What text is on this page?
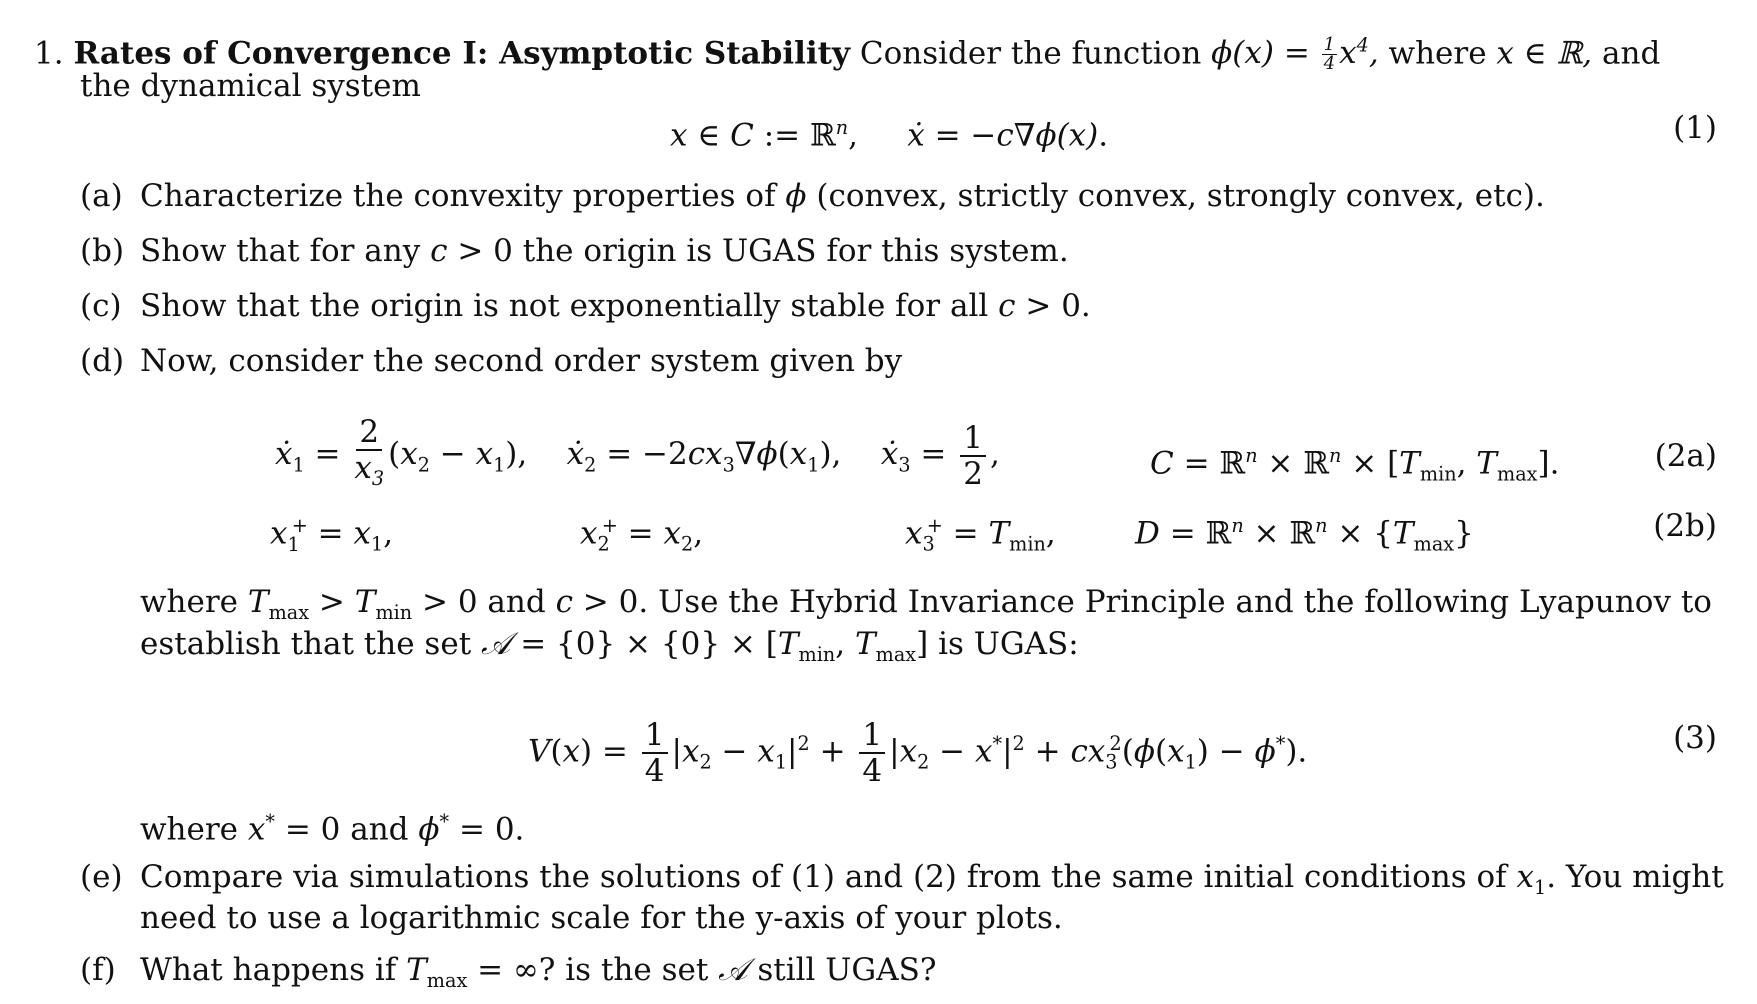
1. Rates of Convergence I: Asymptotic Stability Consider the function $\phi(x) = \frac{1}{4} x^4$, where x ∈ ℝ, and
the dynamical system
x ∈ C := ℝ$^n$,     ẋ = −c∇ϕ(x).	(1)
(a) Characterize the convexity properties of ϕ (convex, strictly convex, strongly convex, etc).
(b) Show that for any c > 0 the origin is UGAS for this system.
(c) Show that the origin is not exponentially stable for all c > 0.
(d) Now, consider the second order system given by
ẋ$_1$ = $\frac{2}{x_3} (x_2 - x_1)$,    ẋ$_2$ = $-2cx_3\nabla\phi(x_1)$,    ẋ$_3$ = $\frac{1}{2}$ ,	C = ℝ$^n$ × ℝ$^n$ × [$T_{min}$, $T_{max}$].	(2a)
$x_1^+ = x_1$,	$x_2^+ = x_2$,	$x_3^+ = T_{min}$,	D = ℝ$^n$ × ℝ$^n$ × $\{T_{max}\}$	(2b)
where $T_{max} > T_{min} > 0$ and c > 0. Use the Hybrid Invariance Principle and the following Lyapunov to
establish that the set 𝒜 = $\{0\} \times \{0\} \times [T_{min}$, $T_{max}$] is UGAS:
$V(x) = \frac{1}{4} |x_2 - x_1|^2 + \frac{1}{4} |x_2 - x^*|^2 + cx_3^2(\phi(x_1) - \phi^*)$.	(3)
where x* = 0 and ϕ* = 0.
(e) Compare via simulations the solutions of (1) and (2) from the same initial conditions of $x_1$. You might
need to use a logarithmic scale for the y-axis of your plots.
(f) What happens if $T_{max}$ = ∞? is the set 𝒜 still UGAS?
